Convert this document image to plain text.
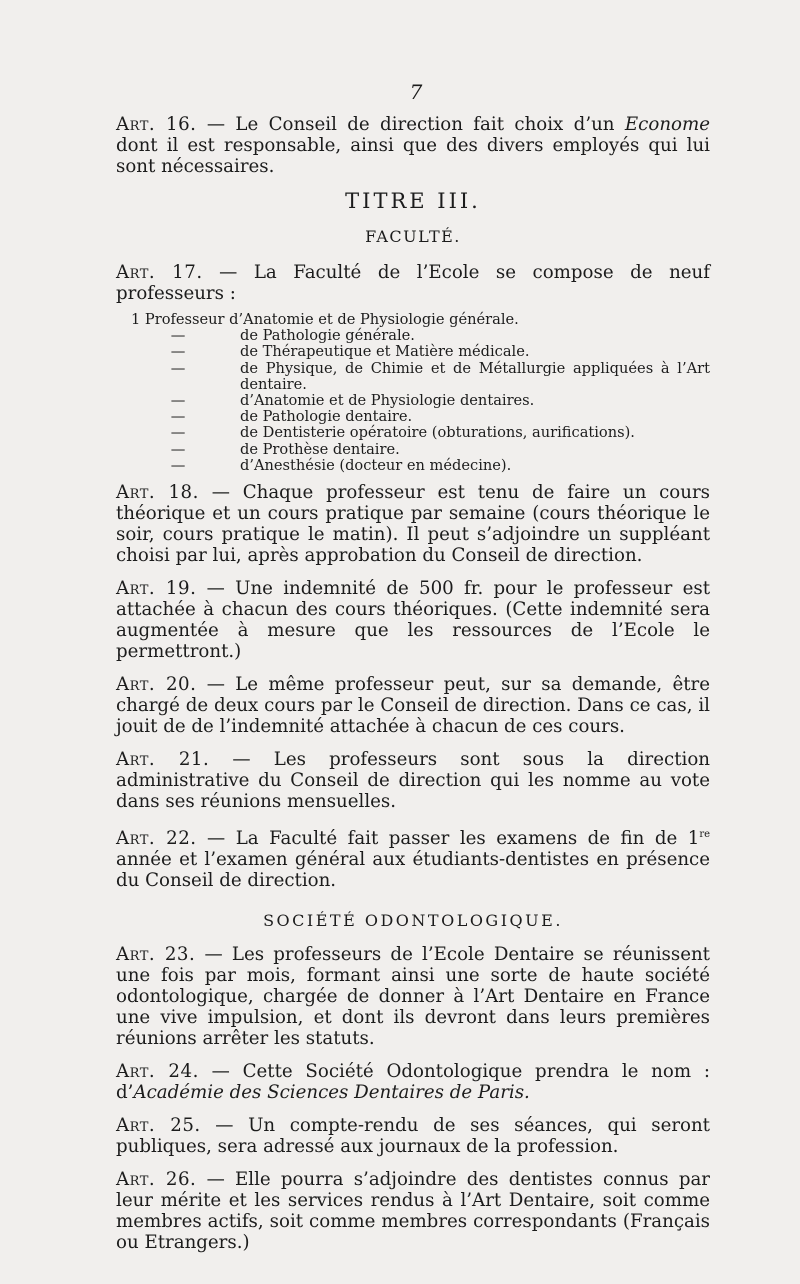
7

Art. 16. — Le Conseil de direction fait choix d’un Econome dont il est responsable, ainsi que des divers employés qui lui sont nécessaires.

TITRE III.
FACULTÉ.

Art. 17. — La Faculté de l’Ecole se compose de neuf professeurs :

1 Professeur d’Anatomie et de Physiologie générale.
—	de Pathologie générale.
—	de Thérapeutique et Matière médicale.
—	de Physique, de Chimie et de Métallurgie appliquées à l’Art dentaire.
—	d’Anatomie et de Physiologie dentaires.
—	de Pathologie dentaire.
—	de Dentisterie opératoire (obturations, aurifications).
—	de Prothèse dentaire.
—	d’Anesthésie (docteur en médecine).

Art. 18. — Chaque professeur est tenu de faire un cours théorique et un cours pratique par semaine (cours théorique le soir, cours pratique le matin). Il peut s’adjoindre un suppléant choisi par lui, après approbation du Conseil de direction.

Art. 19. — Une indemnité de 500 fr. pour le professeur est attachée à chacun des cours théoriques. (Cette indemnité sera augmentée à mesure que les ressources de l’Ecole le permettront.)

Art. 20. — Le même professeur peut, sur sa demande, être chargé de deux cours par le Conseil de direction. Dans ce cas, il jouit de de l’indemnité attachée à chacun de ces cours.

Art. 21. — Les professeurs sont sous la direction administrative du Conseil de direction qui les nomme au vote dans ses réunions mensuelles.

Art. 22. — La Faculté fait passer les examens de fin de 1re année et l’examen général aux étudiants-dentistes en présence du Conseil de direction.

SOCIÉTÉ ODONTOLOGIQUE.

Art. 23. — Les professeurs de l’Ecole Dentaire se réunissent une fois par mois, formant ainsi une sorte de haute société odontologique, chargée de donner à l’Art Dentaire en France une vive impulsion, et dont ils devront dans leurs premières réunions arrêter les statuts.

Art. 24. — Cette Société Odontologique prendra le nom : d’Académie des Sciences Dentaires de Paris.

Art. 25. — Un compte-rendu de ses séances, qui seront publiques, sera adressé aux journaux de la profession.

Art. 26. — Elle pourra s’adjoindre des dentistes connus par leur mérite et les services rendus à l’Art Dentaire, soit comme membres actifs, soit comme membres correspondants (Français ou Etrangers.)
